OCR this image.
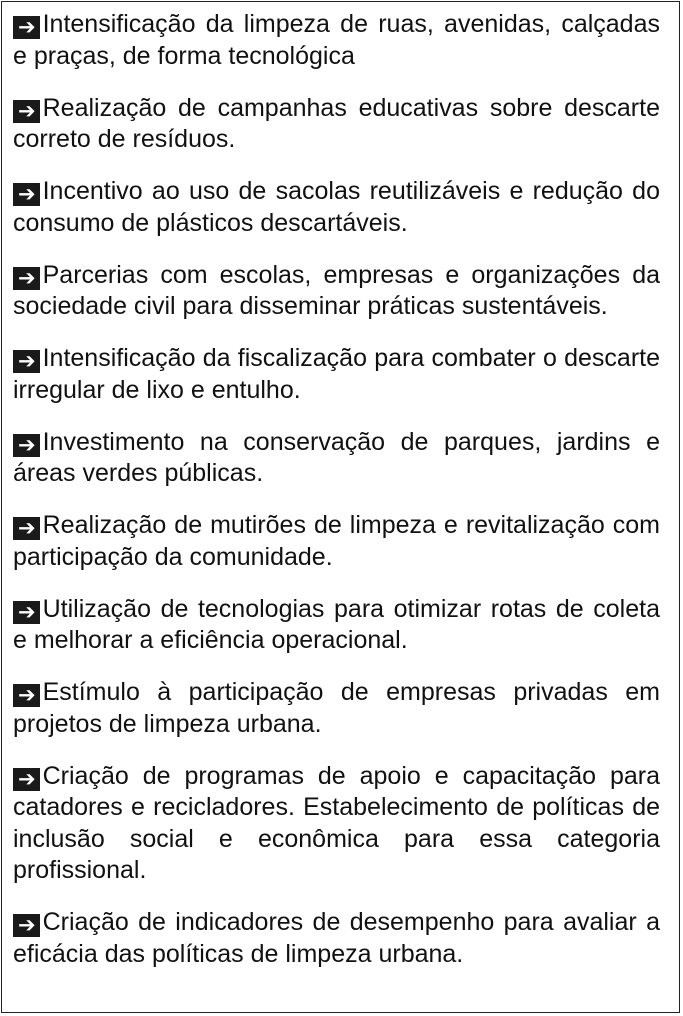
➔ Intensificação da limpeza de ruas, avenidas, calçadas e praças, de forma tecnológica
➔ Realização de campanhas educativas sobre descarte correto de resíduos.
➔ Incentivo ao uso de sacolas reutilizáveis e redução do consumo de plásticos descartáveis.
➔ Parcerias com escolas, empresas e organizações da sociedade civil para disseminar práticas sustentáveis.
➔ Intensificação da fiscalização para combater o descarte irregular de lixo e entulho.
➔ Investimento na conservação de parques, jardins e áreas verdes públicas.
➔ Realização de mutirões de limpeza e revitalização com participação da comunidade.
➔ Utilização de tecnologias para otimizar rotas de coleta e melhorar a eficiência operacional.
➔ Estímulo à participação de empresas privadas em projetos de limpeza urbana.
➔ Criação de programas de apoio e capacitação para catadores e recicladores. Estabelecimento de políticas de inclusão social e econômica para essa categoria profissional.
➔ Criação de indicadores de desempenho para avaliar a eficácia das políticas de limpeza urbana.
